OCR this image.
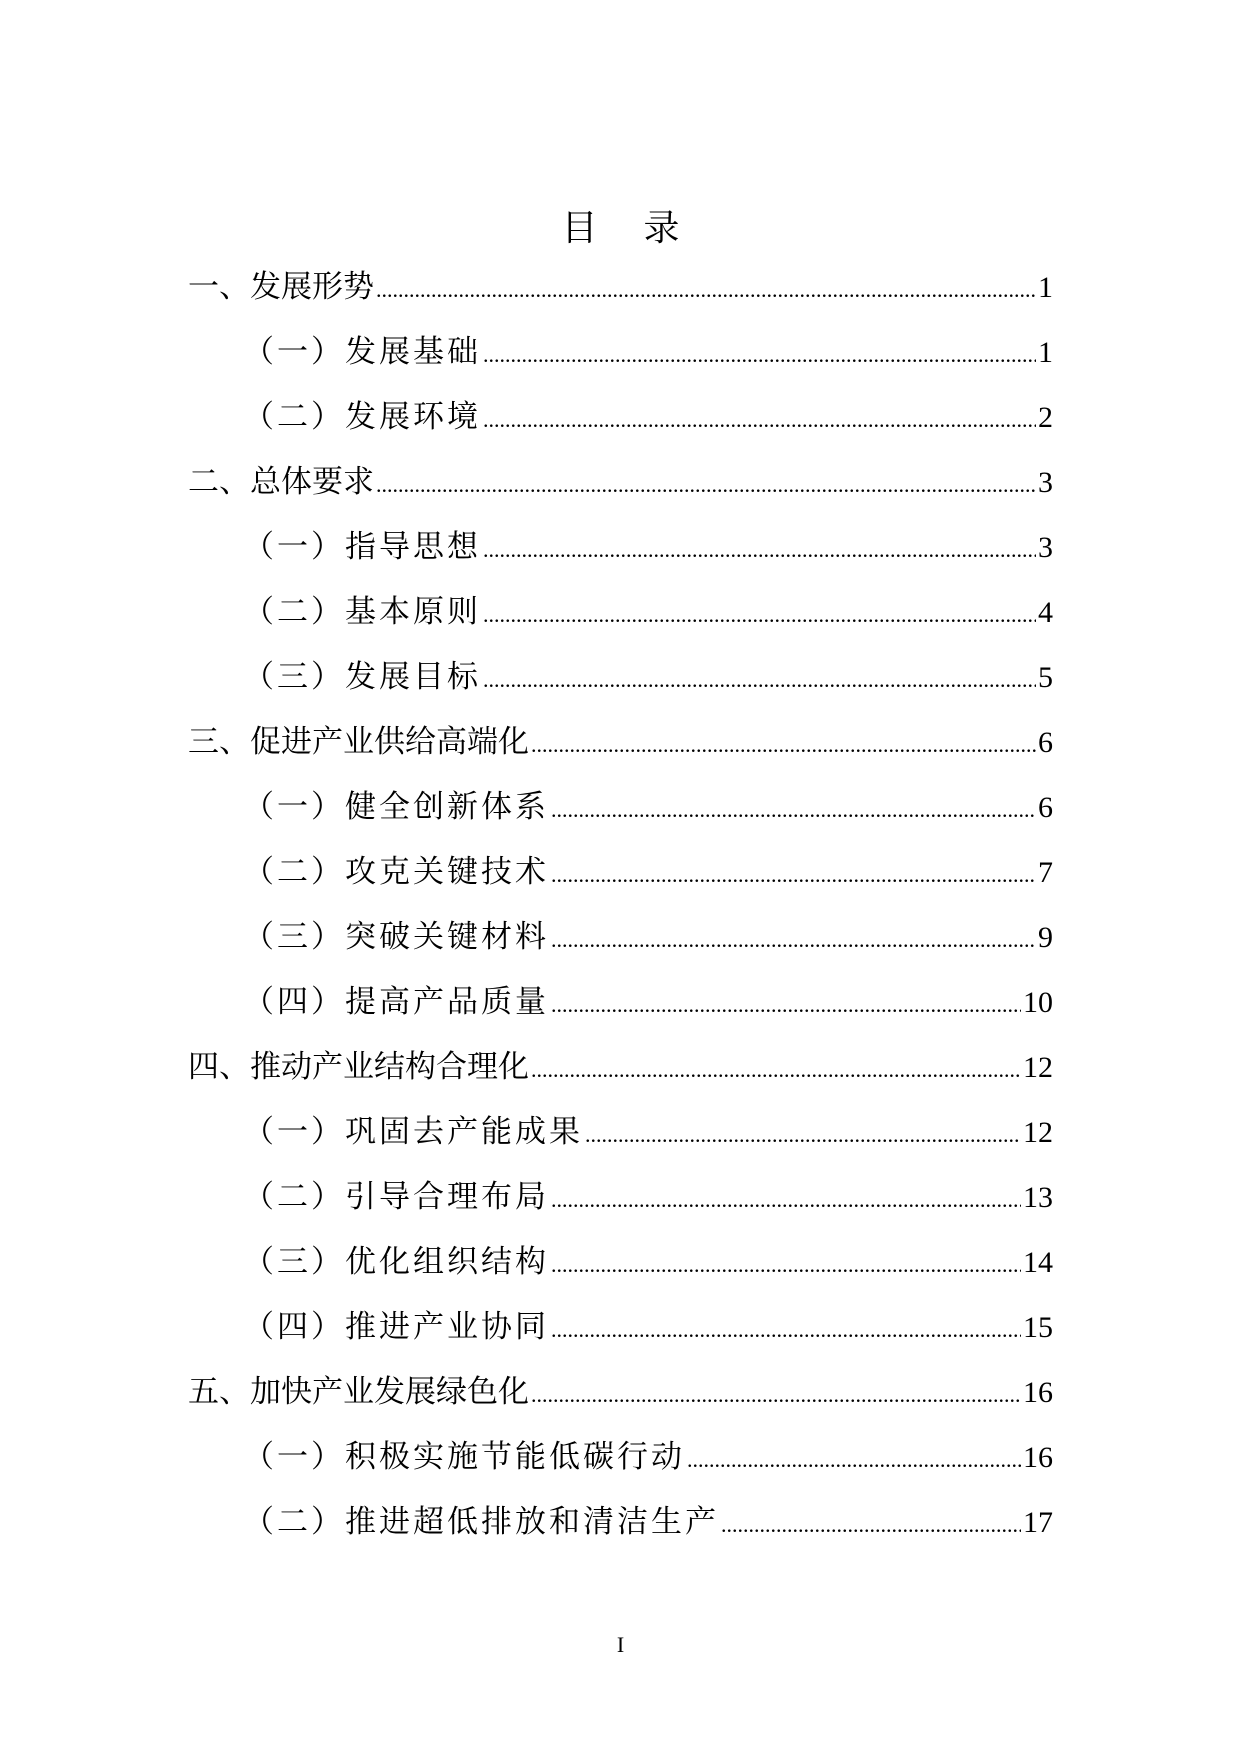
目 录
一、发展形势 .....	1
（一）发展基础 .....	1
（二）发展环境 .....	2
二、总体要求 .....	3
（一）指导思想 .....	3
（二）基本原则 .....	4
（三）发展目标 .....	5
三、促进产业供给高端化 .....	6
（一）健全创新体系 .....	6
（二）攻克关键技术 .....	7
（三）突破关键材料 .....	9
（四）提高产品质量 .....	10
四、推动产业结构合理化 .....	12
（一）巩固去产能成果 .....	12
（二）引导合理布局 .....	13
（三）优化组织结构 .....	14
（四）推进产业协同 .....	15
五、加快产业发展绿色化 .....	16
（一）积极实施节能低碳行动 .....	16
（二）推进超低排放和清洁生产 .....	17
I
